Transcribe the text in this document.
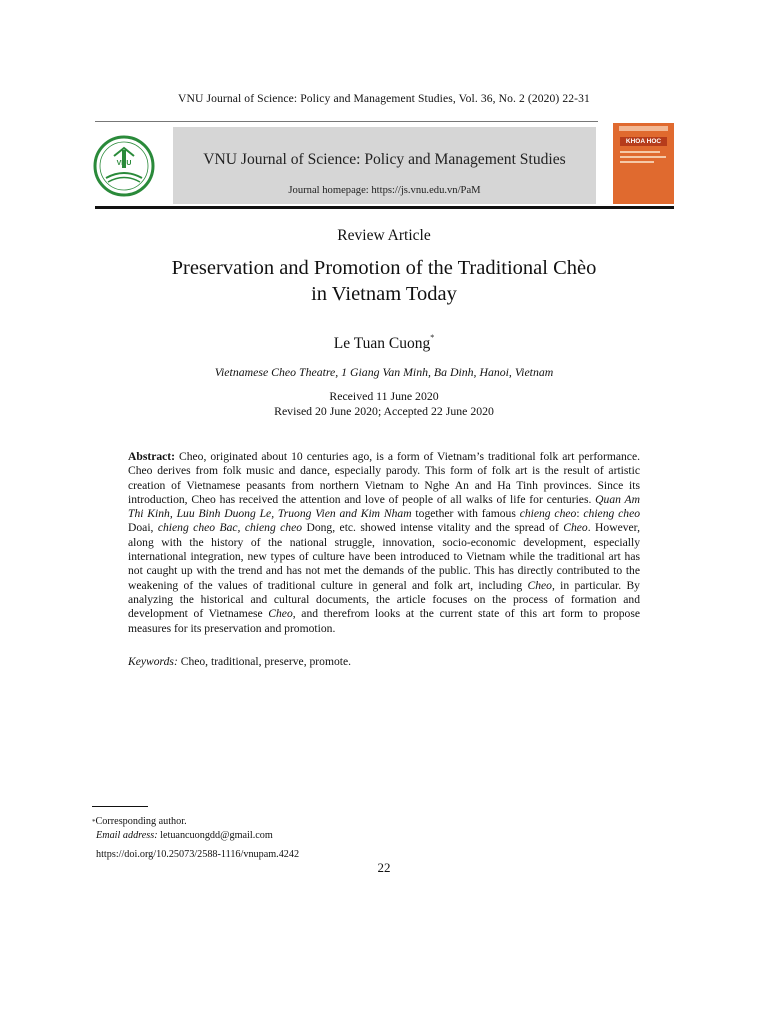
VNU Journal of Science: Policy and Management Studies, Vol. 36, No. 2 (2020) 22-31
VNU	VNU Journal of Science: Policy and Management Studies
Journal homepage: https://js.vnu.edu.vn/PaM
KHOA HOC
Review Article
Preservation and Promotion of the Traditional Chèo
in Vietnam Today
Le Tuan Cuong*
Vietnamese Cheo Theatre, 1 Giang Van Minh, Ba Dinh, Hanoi, Vietnam
Received 11 June 2020
Revised 20 June 2020; Accepted 22 June 2020

Abstract: Cheo, originated about 10 centuries ago, is a form of Vietnam’s traditional folk art performance. Cheo derives from folk music and dance, especially parody. This form of folk art is the result of artistic creation of Vietnamese peasants from northern Vietnam to Nghe An and Ha Tinh provinces. Since its introduction, Cheo has received the attention and love of people of all walks of life for centuries. Quan Am Thi Kinh, Luu Binh Duong Le, Truong Vien and Kim Nham together with famous chieng cheo: chieng cheo Doai, chieng cheo Bac, chieng cheo Dong, etc. showed intense vitality and the spread of Cheo. However, along with the history of the national struggle, innovation, socio-economic development, especially international integration, new types of culture have been introduced to Vietnam while the traditional art has not caught up with the trend and has not met the demands of the public. This has directly contributed to the weakening of the values of traditional culture in general and folk art, including Cheo, in particular. By analyzing the historical and cultural documents, the article focuses on the process of formation and development of Vietnamese Cheo, and therefrom looks at the current state of this art form to propose measures for its preservation and promotion.

Keywords: Cheo, traditional, preserve, promote.
*Corresponding author.
Email address: letuancuongdd@gmail.com
https://doi.org/10.25073/2588-1116/vnupam.4242
22
